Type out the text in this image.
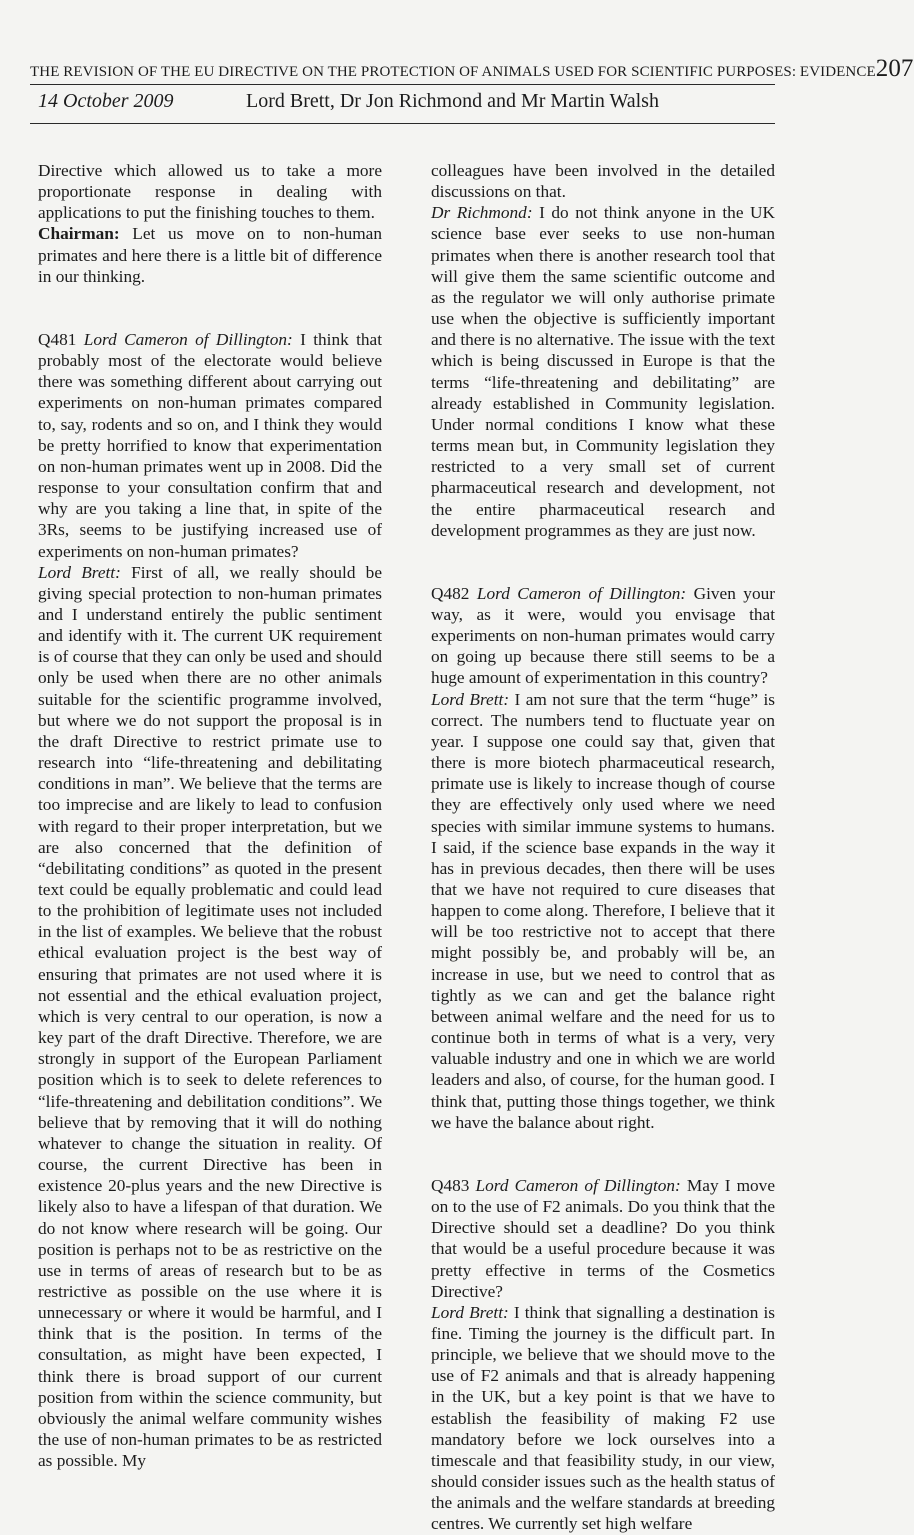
THE REVISION OF THE EU DIRECTIVE ON THE PROTECTION OF ANIMALS USED FOR SCIENTIFIC PURPOSES: EVIDENCE 207
14 October 2009	Lord Brett, Dr Jon Richmond and Mr Martin Walsh

Directive which allowed us to take a more proportionate response in dealing with applications to put the finishing touches to them.

Chairman: Let us move on to non-human primates and here there is a little bit of difference in our thinking.

Q481 Lord Cameron of Dillington: I think that probably most of the electorate would believe there was something different about carrying out experiments on non-human primates compared to, say, rodents and so on, and I think they would be pretty horrified to know that experimentation on non-human primates went up in 2008. Did the response to your consultation confirm that and why are you taking a line that, in spite of the 3Rs, seems to be justifying increased use of experiments on non-human primates?

Lord Brett: First of all, we really should be giving special protection to non-human primates and I understand entirely the public sentiment and identify with it. The current UK requirement is of course that they can only be used and should only be used when there are no other animals suitable for the scientific programme involved, but where we do not support the proposal is in the draft Directive to restrict primate use to research into “life-threatening and debilitating conditions in man”. We believe that the terms are too imprecise and are likely to lead to confusion with regard to their proper interpretation, but we are also concerned that the definition of “debilitating conditions” as quoted in the present text could be equally problematic and could lead to the prohibition of legitimate uses not included in the list of examples. We believe that the robust ethical evaluation project is the best way of ensuring that primates are not used where it is not essential and the ethical evaluation project, which is very central to our operation, is now a key part of the draft Directive. Therefore, we are strongly in support of the European Parliament position which is to seek to delete references to “life-threatening and debilitation conditions”. We believe that by removing that it will do nothing whatever to change the situation in reality. Of course, the current Directive has been in existence 20-plus years and the new Directive is likely also to have a lifespan of that duration. We do not know where research will be going. Our position is perhaps not to be as restrictive on the use in terms of areas of research but to be as restrictive as possible on the use where it is unnecessary or where it would be harmful, and I think that is the position. In terms of the consultation, as might have been expected, I think there is broad support of our current position from within the science community, but obviously the animal welfare community wishes the use of non-human primates to be as restricted as possible. My

colleagues have been involved in the detailed discussions on that.

Dr Richmond: I do not think anyone in the UK science base ever seeks to use non-human primates when there is another research tool that will give them the same scientific outcome and as the regulator we will only authorise primate use when the objective is sufficiently important and there is no alternative. The issue with the text which is being discussed in Europe is that the terms “life-threatening and debilitating” are already established in Community legislation. Under normal conditions I know what these terms mean but, in Community legislation they restricted to a very small set of current pharmaceutical research and development, not the entire pharmaceutical research and development programmes as they are just now.

Q482 Lord Cameron of Dillington: Given your way, as it were, would you envisage that experiments on non-human primates would carry on going up because there still seems to be a huge amount of experimentation in this country?

Lord Brett: I am not sure that the term “huge” is correct. The numbers tend to fluctuate year on year. I suppose one could say that, given that there is more biotech pharmaceutical research, primate use is likely to increase though of course they are effectively only used where we need species with similar immune systems to humans. I said, if the science base expands in the way it has in previous decades, then there will be uses that we have not required to cure diseases that happen to come along. Therefore, I believe that it will be too restrictive not to accept that there might possibly be, and probably will be, an increase in use, but we need to control that as tightly as we can and get the balance right between animal welfare and the need for us to continue both in terms of what is a very, very valuable industry and one in which we are world leaders and also, of course, for the human good. I think that, putting those things together, we think we have the balance about right.

Q483 Lord Cameron of Dillington: May I move on to the use of F2 animals. Do you think that the Directive should set a deadline? Do you think that would be a useful procedure because it was pretty effective in terms of the Cosmetics Directive?

Lord Brett: I think that signalling a destination is fine. Timing the journey is the difficult part. In principle, we believe that we should move to the use of F2 animals and that is already happening in the UK, but a key point is that we have to establish the feasibility of making F2 use mandatory before we lock ourselves into a timescale and that feasibility study, in our view, should consider issues such as the health status of the animals and the welfare standards at breeding centres. We currently set high welfare
